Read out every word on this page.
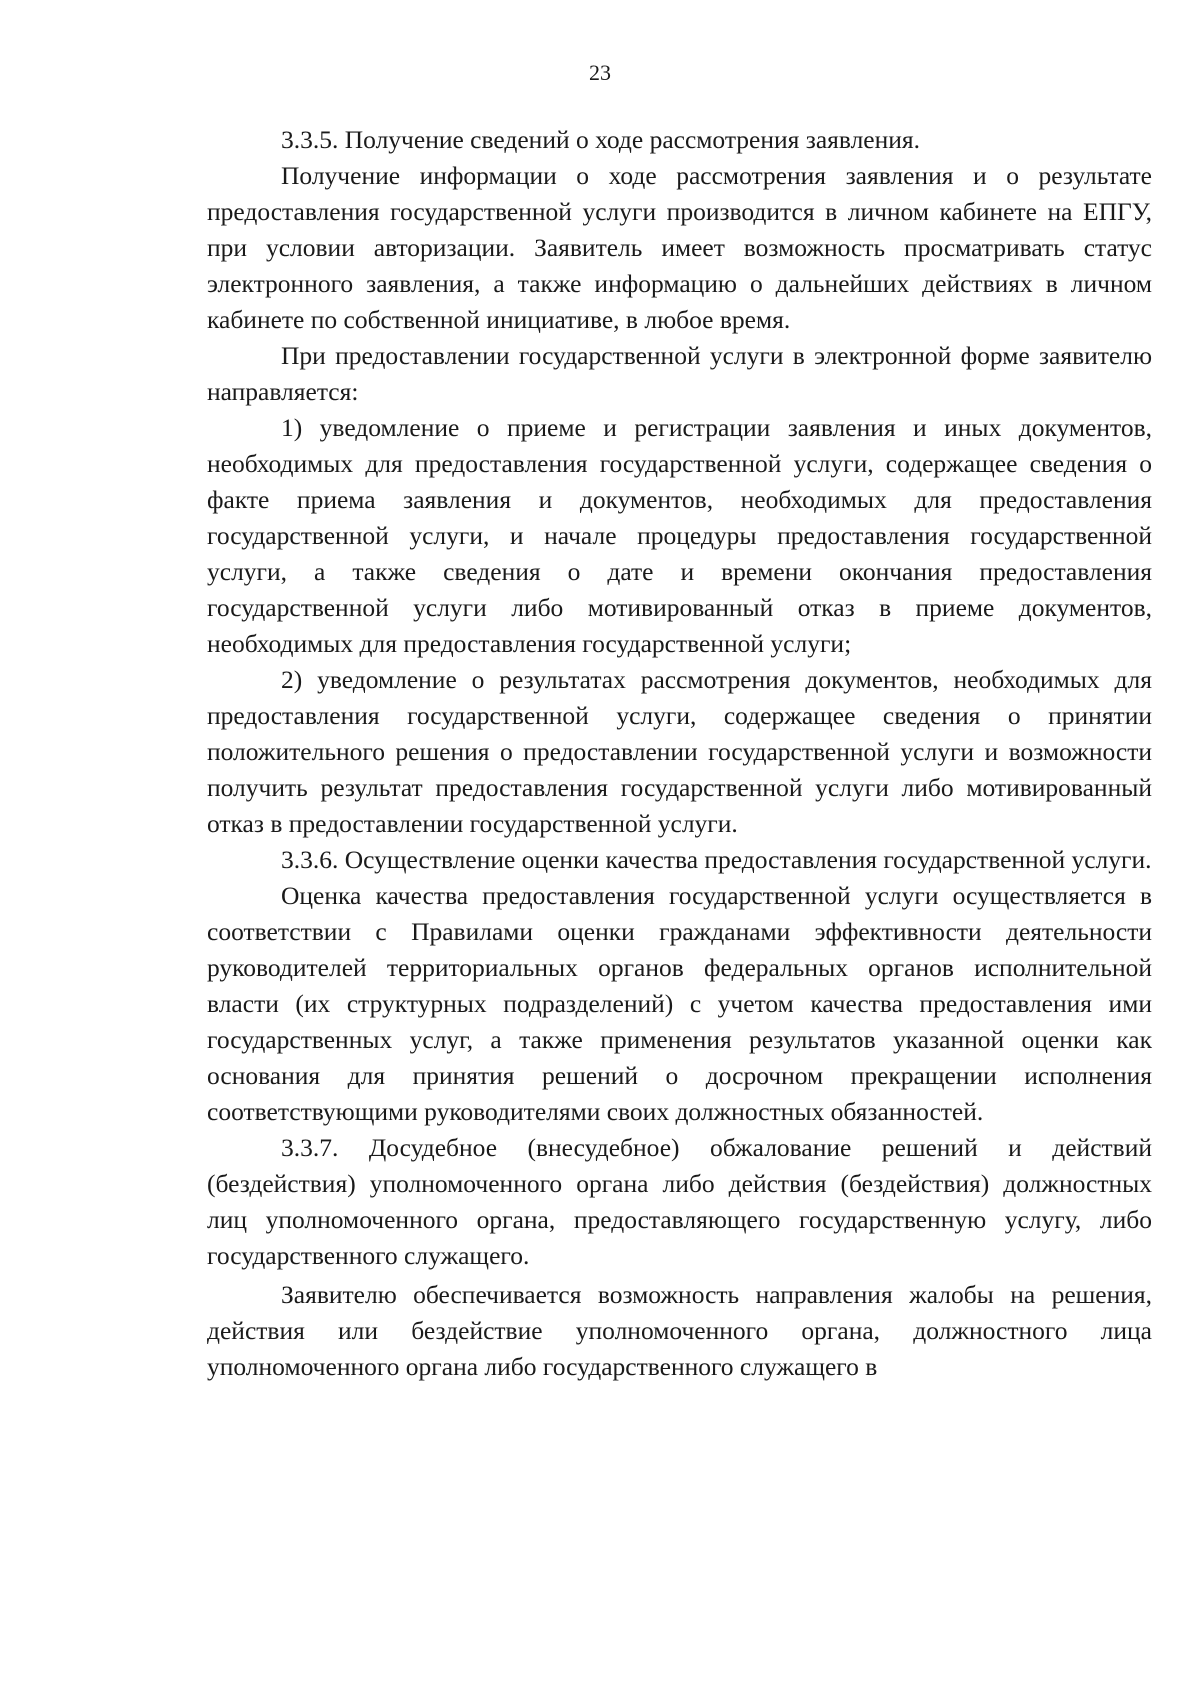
23

3.3.5. Получение сведений о ходе рассмотрения заявления.

Получение информации о ходе рассмотрения заявления и о результате предоставления государственной услуги производится в личном кабинете на ЕПГУ, при условии авторизации. Заявитель имеет возможность просматривать статус электронного заявления, а также информацию о дальнейших действиях в личном кабинете по собственной инициативе, в любое время.

При предоставлении государственной услуги в электронной форме заявителю направляется:

1) уведомление о приеме и регистрации заявления и иных документов, необходимых для предоставления государственной услуги, содержащее сведения о факте приема заявления и документов, необходимых для предоставления государственной услуги, и начале процедуры предоставления государственной услуги, а также сведения о дате и времени окончания предоставления государственной услуги либо мотивированный отказ в приеме документов, необходимых для предоставления государственной услуги;

2) уведомление о результатах рассмотрения документов, необходимых для предоставления государственной услуги, содержащее сведения о принятии положительного решения о предоставлении государственной услуги и возможности получить результат предоставления государственной услуги либо мотивированный отказ в предоставлении государственной услуги.

3.3.6. Осуществление оценки качества предоставления государственной услуги.

Оценка качества предоставления государственной услуги осуществляется в соответствии с Правилами оценки гражданами эффективности деятельности руководителей территориальных органов федеральных органов исполнительной власти (их структурных подразделений) с учетом качества предоставления ими государственных услуг, а также применения результатов указанной оценки как основания для принятия решений о досрочном прекращении исполнения соответствующими руководителями своих должностных обязанностей.

3.3.7. Досудебное (внесудебное) обжалование решений и действий (бездействия) уполномоченного органа либо действия (бездействия) должностных лиц уполномоченного органа, предоставляющего государственную услугу, либо государственного служащего.

Заявителю обеспечивается возможность направления жалобы на решения, действия или бездействие уполномоченного органа, должностного лица уполномоченного органа либо государственного служащего в
